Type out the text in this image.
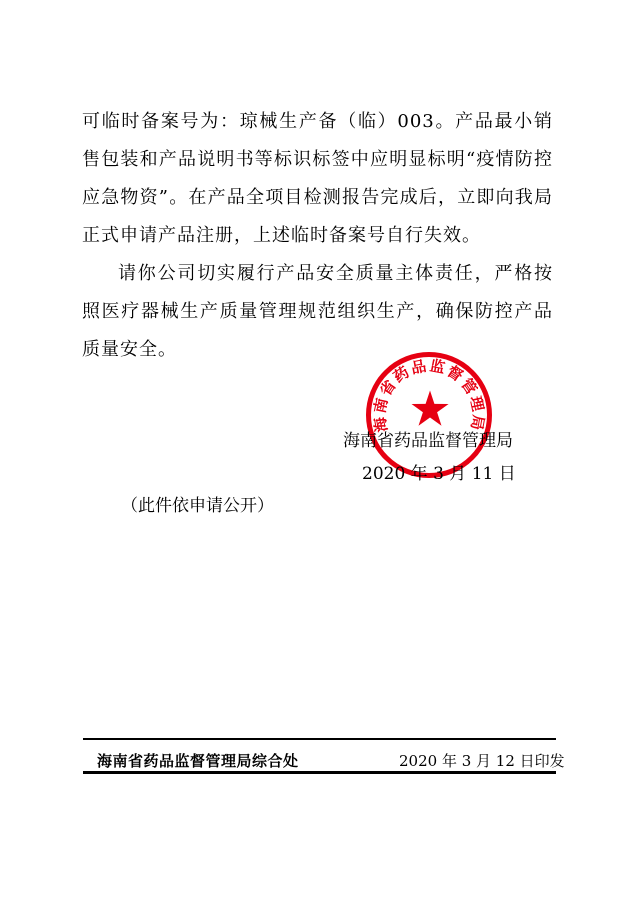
可临时备案号为：琼械生产备（临）003。产品最小销售包装和产品说明书等标识标签中应明显标明“疫情防控应急物资”。在产品全项目检测报告完成后，立即向我局正式申请产品注册，上述临时备案号自行失效。

请你公司切实履行产品安全质量主体责任，严格按照医疗器械生产质量管理规范组织生产，确保防控产品质量安全。

海南省药品监督管理局
2020 年 3 月 11 日
海南省药品监督管理局
（此件依申请公开）
海南省药品监督管理局综合处	2020 年 3 月 12 日印发
